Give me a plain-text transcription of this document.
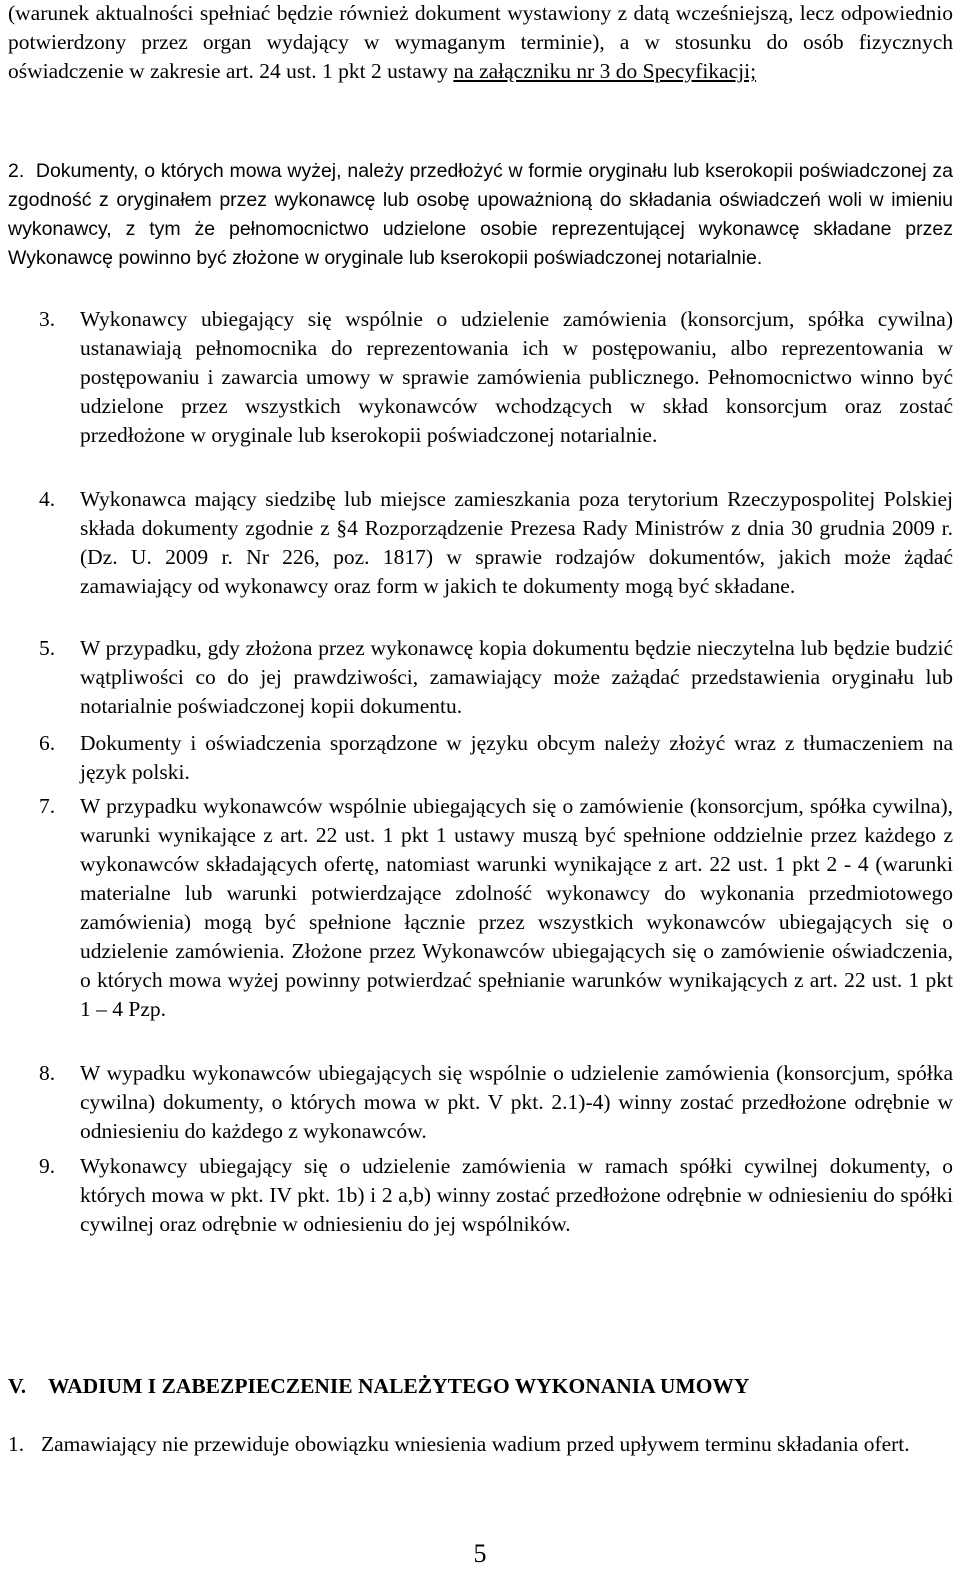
(warunek aktualności spełniać będzie również dokument wystawiony z datą wcześniejszą, lecz odpowiednio potwierdzony przez organ wydający w wymaganym terminie), a w stosunku do osób fizycznych oświadczenie w zakresie art. 24 ust. 1 pkt 2 ustawy na załączniku nr 3 do Specyfikacji;
2. Dokumenty, o których mowa wyżej, należy przedłożyć w formie oryginału lub kserokopii poświadczonej za zgodność z oryginałem przez wykonawcę lub osobę upoważnioną do składania oświadczeń woli w imieniu wykonawcy, z tym że pełnomocnictwo udzielone osobie reprezentującej wykonawcę składane przez Wykonawcę powinno być złożone w oryginale lub kserokopii poświadczonej notarialnie.
3. Wykonawcy ubiegający się wspólnie o udzielenie zamówienia (konsorcjum, spółka cywilna) ustanawiają pełnomocnika do reprezentowania ich w postępowaniu, albo reprezentowania w postępowaniu i zawarcia umowy w sprawie zamówienia publicznego. Pełnomocnictwo winno być udzielone przez wszystkich wykonawców wchodzących w skład konsorcjum oraz zostać przedłożone w oryginale lub kserokopii poświadczonej notarialnie.
4. Wykonawca mający siedzibę lub miejsce zamieszkania poza terytorium Rzeczypospolitej Polskiej składa dokumenty zgodnie z §4 Rozporządzenie Prezesa Rady Ministrów z dnia 30 grudnia 2009 r. (Dz. U. 2009 r. Nr 226, poz. 1817) w sprawie rodzajów dokumentów, jakich może żądać zamawiający od wykonawcy oraz form w jakich te dokumenty mogą być składane.
5. W przypadku, gdy złożona przez wykonawcę kopia dokumentu będzie nieczytelna lub będzie budzić wątpliwości co do jej prawdziwości, zamawiający może zażądać przedstawienia oryginału lub notarialnie poświadczonej kopii dokumentu.
6. Dokumenty i oświadczenia sporządzone w języku obcym należy złożyć wraz z tłumaczeniem na język polski.
7. W przypadku wykonawców wspólnie ubiegających się o zamówienie (konsorcjum, spółka cywilna), warunki wynikające z art. 22 ust. 1 pkt 1 ustawy muszą być spełnione oddzielnie przez każdego z wykonawców składających ofertę, natomiast warunki wynikające z art. 22 ust. 1 pkt 2 - 4 (warunki materialne lub warunki potwierdzające zdolność wykonawcy do wykonania przedmiotowego zamówienia) mogą być spełnione łącznie przez wszystkich wykonawców ubiegających się o udzielenie zamówienia. Złożone przez Wykonawców ubiegających się o zamówienie oświadczenia, o których mowa wyżej powinny potwierdzać spełnianie warunków wynikających z art. 22 ust. 1 pkt 1 – 4 Pzp.
8. W wypadku wykonawców ubiegających się wspólnie o udzielenie zamówienia (konsorcjum, spółka cywilna) dokumenty, o których mowa w pkt. V pkt. 2.1)-4) winny zostać przedłożone odrębnie w odniesieniu do każdego z wykonawców.
9. Wykonawcy ubiegający się o udzielenie zamówienia w ramach spółki cywilnej dokumenty, o których mowa w pkt. IV pkt. 1b) i 2 a,b) winny zostać przedłożone odrębnie w odniesieniu do spółki cywilnej oraz odrębnie w odniesieniu do jej wspólników.
V. WADIUM I ZABEZPIECZENIE NALEŻYTEGO WYKONANIA UMOWY
1. Zamawiający nie przewiduje obowiązku wniesienia wadium przed upływem terminu składania ofert.
5
